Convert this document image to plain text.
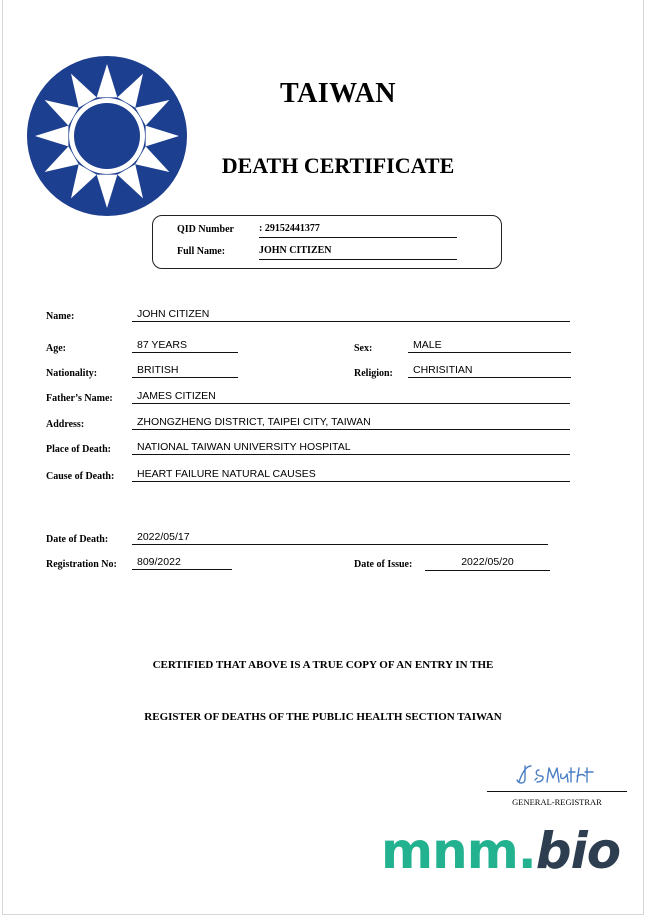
TAIWAN
DEATH CERTIFICATE
QID Number	: 29152441377
Full Name:	JOHN CITIZEN
Name:	JOHN CITIZEN
Age:	87 YEARS	Sex:	MALE
Nationality:	BRITISH	Religion:	CHRISITIAN
Father’s Name:	JAMES CITIZEN
Address:	ZHONGZHENG DISTRICT, TAIPEI CITY, TAIWAN
Place of Death:	NATIONAL TAIWAN UNIVERSITY HOSPITAL
Cause of Death:	HEART FAILURE NATURAL CAUSES
Date of Death:	2022/05/17
Registration No:	809/2022	Date of Issue:	2022/05/20
CERTIFIED THAT ABOVE IS A TRUE COPY OF AN ENTRY IN THE
REGISTER OF DEATHS OF THE PUBLIC HEALTH SECTION TAIWAN
GENERAL-REGISTRAR
mnm.bio
